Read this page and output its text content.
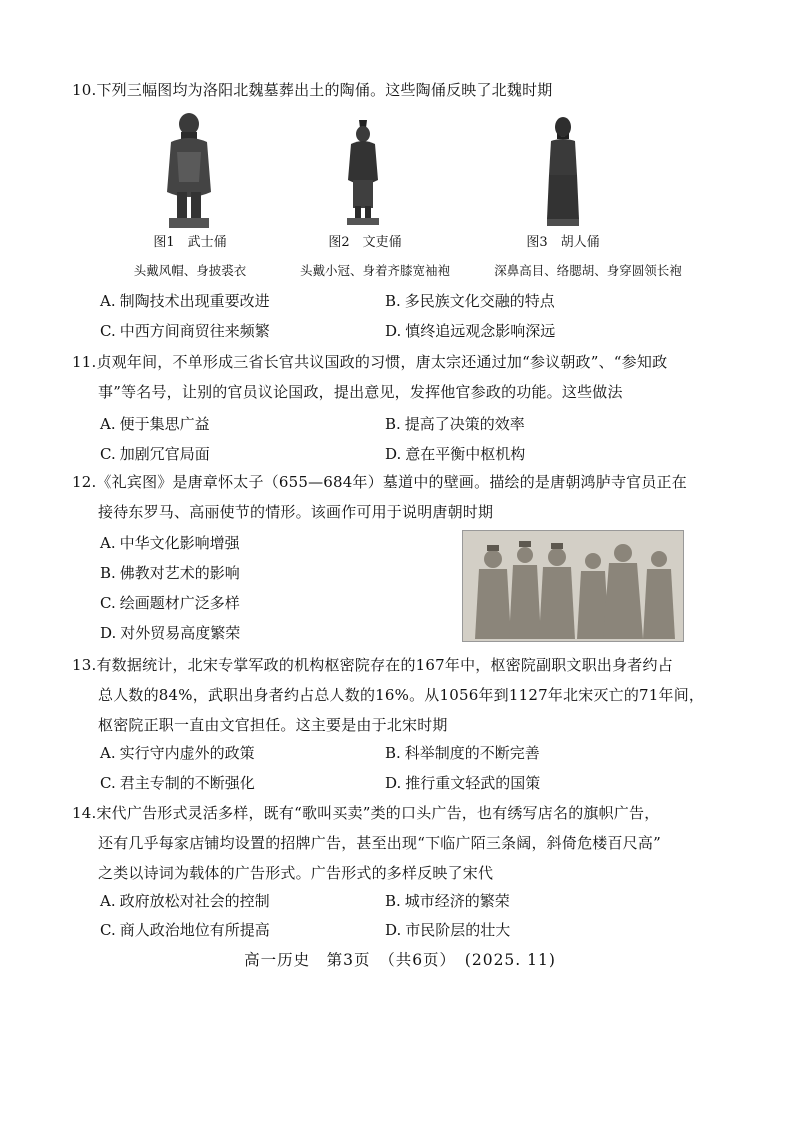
10.下列三幅图均为洛阳北魏墓葬出土的陶俑。这些陶俑反映了北魏时期
图1　武士俑	图2　文吏俑	图3　胡人俑
头戴风帽、身披裘衣	头戴小冠、身着齐膝宽袖袍	深鼻高目、络腮胡、身穿圆领长袍
A. 制陶技术出现重要改进	B. 多民族文化交融的特点
C. 中西方间商贸往来频繁	D. 慎终追远观念影响深远
11.贞观年间，不单形成三省长官共议国政的习惯，唐太宗还通过加“参议朝政”、“参知政
事”等名号，让别的官员议论国政，提出意见，发挥他官参政的功能。这些做法
A. 便于集思广益	B. 提高了决策的效率
C. 加剧冗官局面	D. 意在平衡中枢机构
12.《礼宾图》是唐章怀太子（655—684年）墓道中的壁画。描绘的是唐朝鸿胪寺官员正在
接待东罗马、高丽使节的情形。该画作可用于说明唐朝时期
A. 中华文化影响增强
B. 佛教对艺术的影响
C. 绘画题材广泛多样
D. 对外贸易高度繁荣
13.有数据统计，北宋专掌军政的机构枢密院存在的167年中，枢密院副职文职出身者约占
总人数的84%，武职出身者约占总人数的16%。从1056年到1127年北宋灭亡的71年间，
枢密院正职一直由文官担任。这主要是由于北宋时期
A. 实行守内虚外的政策	B. 科举制度的不断完善
C. 君主专制的不断强化	D. 推行重文轻武的国策
14.宋代广告形式灵活多样，既有“歌叫买卖”类的口头广告，也有绣写店名的旗帜广告，
还有几乎每家店铺均设置的招牌广告，甚至出现“下临广陌三条阔，斜倚危楼百尺高”
之类以诗词为载体的广告形式。广告形式的多样反映了宋代
A. 政府放松对社会的控制	B. 城市经济的繁荣
C. 商人政治地位有所提高	D. 市民阶层的壮大
高一历史　第3页　（共6页）　(2025. 11)
